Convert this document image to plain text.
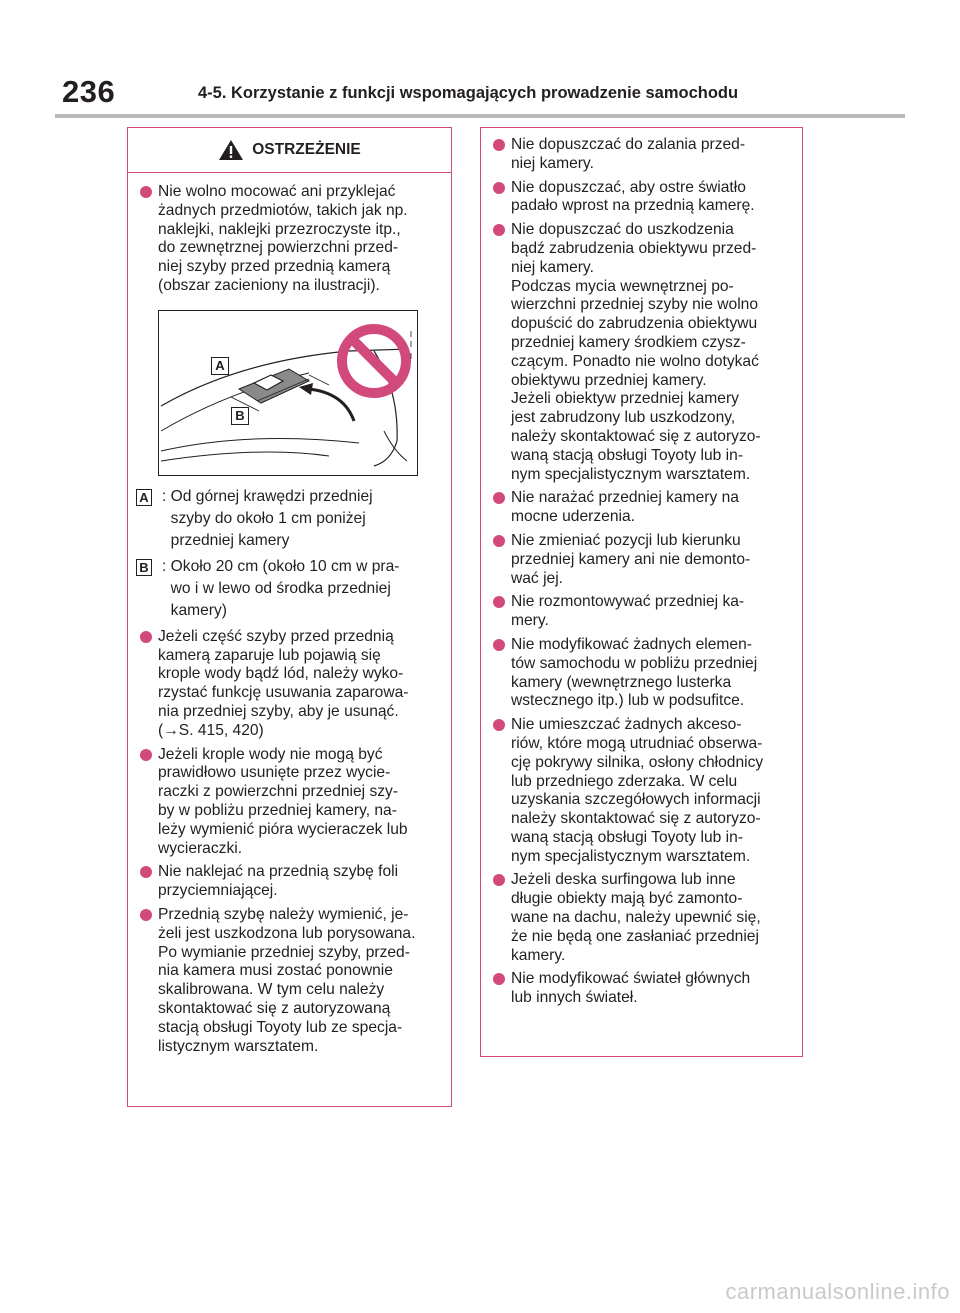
236	4-5. Korzystanie z funkcji wspomagających prowadzenie samochodu
OSTRZEŻENIE
Nie wolno mocować ani przyklejać
żadnych przedmiotów, takich jak np.
naklejki, naklejki przezroczyste itp.,
do zewnętrznej powierzchni przed-
niej szyby przed przednią kamerą
(obszar zacieniony na ilustracji).
A
B
A : Od górnej krawędzi przedniej
szyby do około 1 cm poniżej
przedniej kamery
B : Około 20 cm (około 10 cm w pra-
wo i w lewo od środka przedniej
kamery)
Jeżeli część szyby przed przednią
kamerą zaparuje lub pojawią się
krople wody bądź lód, należy wyko-
rzystać funkcję usuwania zaparowa-
nia przedniej szyby, aby je usunąć.
(→S. 415, 420)
Jeżeli krople wody nie mogą być
prawidłowo usunięte przez wycie-
raczki z powierzchni przedniej szy-
by w pobliżu przedniej kamery, na-
leży wymienić pióra wycieraczek lub
wycieraczki.
Nie naklejać na przednią szybę foli
przyciemniającej.
Przednią szybę należy wymienić, je-
żeli jest uszkodzona lub porysowana.
Po wymianie przedniej szyby, przed-
nia kamera musi zostać ponownie
skalibrowana. W tym celu należy
skontaktować się z autoryzowaną
stacją obsługi Toyoty lub ze specja-
listycznym warsztatem.
Nie dopuszczać do zalania przed-
niej kamery.
Nie dopuszczać, aby ostre światło
padało wprost na przednią kamerę.
Nie dopuszczać do uszkodzenia
bądź zabrudzenia obiektywu przed-
niej kamery.
Podczas mycia wewnętrznej po-
wierzchni przedniej szyby nie wolno
dopuścić do zabrudzenia obiektywu
przedniej kamery środkiem czysz-
czącym. Ponadto nie wolno dotykać
obiektywu przedniej kamery.
Jeżeli obiektyw przedniej kamery
jest zabrudzony lub uszkodzony,
należy skontaktować się z autoryzo-
waną stacją obsługi Toyoty lub in-
nym specjalistycznym warsztatem.
Nie narażać przedniej kamery na
mocne uderzenia.
Nie zmieniać pozycji lub kierunku
przedniej kamery ani nie demonto-
wać jej.
Nie rozmontowywać przedniej ka-
mery.
Nie modyfikować żadnych elemen-
tów samochodu w pobliżu przedniej
kamery (wewnętrznego lusterka
wstecznego itp.) lub w podsufitce.
Nie umieszczać żadnych akceso-
riów, które mogą utrudniać obserwa-
cję pokrywy silnika, osłony chłodnicy
lub przedniego zderzaka. W celu
uzyskania szczegółowych informacji
należy skontaktować się z autoryzo-
waną stacją obsługi Toyoty lub in-
nym specjalistycznym warsztatem.
Jeżeli deska surfingowa lub inne
długie obiekty mają być zamonto-
wane na dachu, należy upewnić się,
że nie będą one zasłaniać przedniej
kamery.
Nie modyfikować świateł głównych
lub innych świateł.
carmanualsonline.info
